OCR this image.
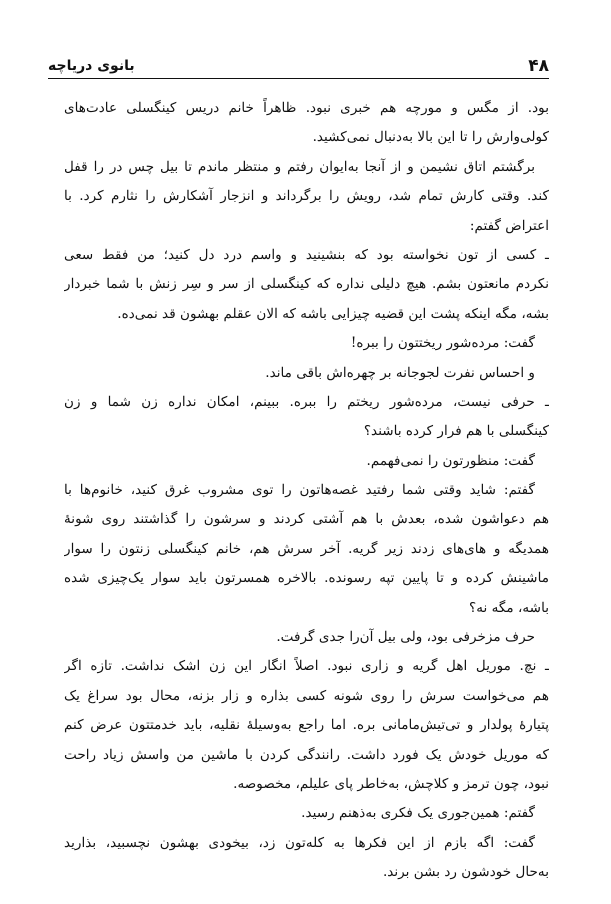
۴۸
بانوی دریاچه
بود. از مگس و مورچه هم خبری نبود. ظاهراً خانم دریس کینگسلی عادت‌های
کولی‌وارش را تا این بالا به‌دنبال نمی‌کشید.
برگشتم اتاق نشیمن و از آنجا به‌ایوان رفتم و منتظر ماندم تا بیل چس در را قفل
کند. وقتی کارش تمام شد، رویش را برگرداند و انزجار آشکارش را نثارم کرد. با
اعتراض گفتم:
ـ کسی از تون نخواسته بود که بنشینید و واسم درد دل کنید؛ من فقط سعی
نکردم مانعتون بشم. هیچ دلیلی نداره که کینگسلی از سر و سِر زنش با شما خبردار
بشه، مگه اینکه پشت این قضیه چیزایی باشه که الان عقلم بهشون قد نمی‌ده.
گفت: مرده‌شور ریختتون را ببره!
و احساس نفرت لجوجانه بر چهره‌اش باقی ماند.
ـ حرفی نیست، مرده‌شور ریختم را ببره. ببینم، امکان نداره زن شما و زن
کینگسلی با هم فرار کرده باشند؟
گفت: منظورتون را نمی‌فهمم.
گفتم: شاید وقتی شما رفتید غصه‌هاتون را توی مشروب غرق کنید، خانوم‌ها با
هم دعواشون شده، بعدش با هم آشتی کردند و سرشون را گذاشتند روی شونهٔ
همدیگه و های‌های زدند زیر گریه. آخر سرش هم، خانم کینگسلی زنتون را سوار
ماشینش کرده و تا پایین تپه رسونده. بالاخره همسرتون باید سوار یک‌چیزی شده
باشه، مگه نه؟
حرف مزخرفی بود، ولی بیل آن‌را جدی گرفت.
ـ نچ. موریل اهل گریه و زاری نبود. اصلاً انگار این زن اشک نداشت. تازه اگر
هم می‌خواست سرش را روی شونه کسی بذاره و زار بزنه، محال بود سراغ یک
پتیارهٔ پولدار و تی‌تیش‌مامانی بره. اما راجع به‌وسیلهٔ نقلیه، باید خدمتتون عرض کنم
که موریل خودش یک فورد داشت. رانندگی کردن با ماشین من واسش زیاد راحت
نبود، چون ترمز و کلاچش، به‌خاطر پای علیلم، مخصوصه.
گفتم: همین‌جوری یک فکری به‌ذهنم رسید.
گفت: اگه بازم از این فکرها به کله‌تون زد، بیخودی بهشون نچسبید، بذارید
به‌حال خودشون رد بشن برند.
